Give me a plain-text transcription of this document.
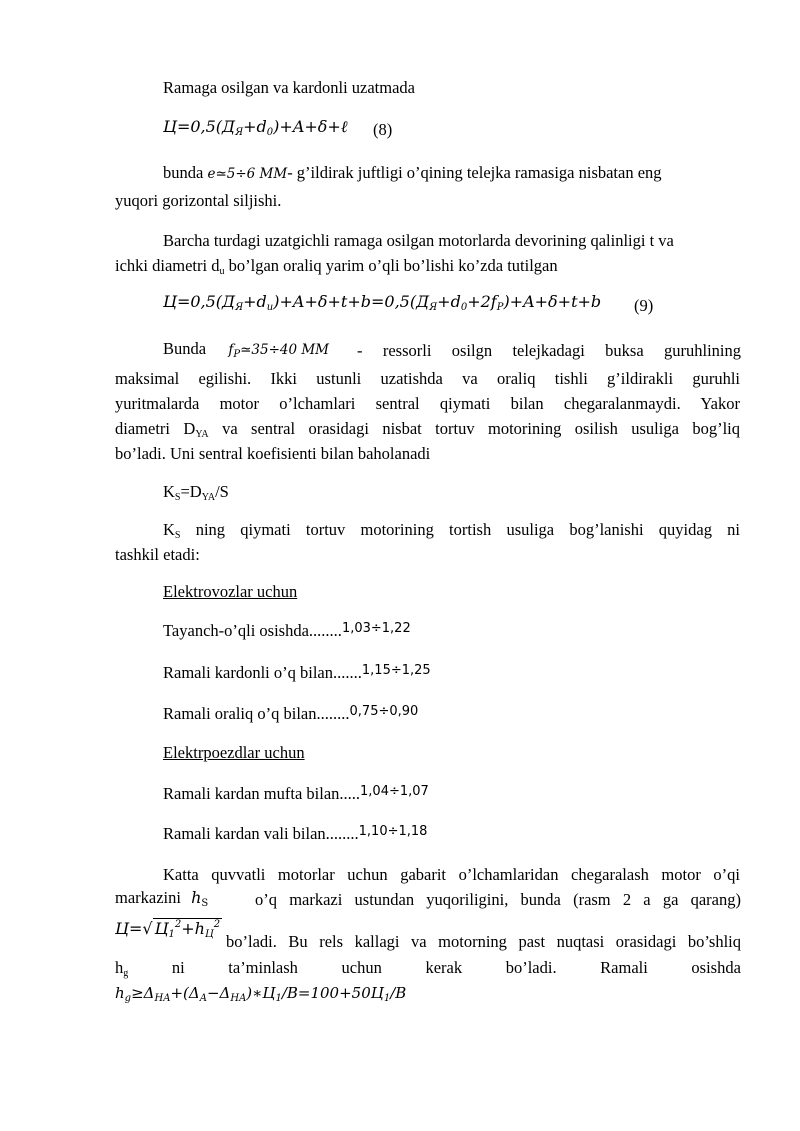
Ramaga osilgan va kardonli uzatmada
$Ц=0,5(Д_Я+d_0)+A+\delta+\ell$ (8)
bunda e≃5÷6 MM- g’ildirak juftligi o’qining telejka ramasiga nisbatan eng
yuqori gorizontal siljishi.
Barcha turdagi uzatgichli ramaga osilgan motorlarda devorining qalinligi t va
ichki diametri $d_u$ bo’lgan oraliq yarim o’qli bo’lishi ko’zda tutilgan
$Ц=0,5(Д_Я+d_u)+A+\delta+t+b=0,5(Д_Я+d_0+2f_P)+A+\delta+t+b$ (9)
Bunda $f_P≃35\div 40$ MM - ressorli osilgn telejkadagi buksa guruhlining
maksimal egilishi. Ikki ustunli uzatishda va oraliq tishli g’ildirakli guruhli
yuritmalarda motor o’lchamlari sentral qiymati bilan chegaralanmaydi. Yakor
diametri $D_{YA}$ va sentral orasidagi nisbat tortuv motorining osilish usuliga bog’liq
bo’ladi. Uni sentral koefisienti bilan baholanadi
$K_S=D_{YA}/S$
$K_S$ ning qiymati tortuv motorining tortish usuliga bog’lanishi quyidag ni
tashkil etadi:
Elektrovozlar uchun
Tayanch-o’qli osishda........$^{1,03\div 1,22}$
Ramali kardonli o’q bilan.......$^{1,15\div 1,25}$
Ramali oraliq o’q bilan........$^{0,75\div 0,90}$
Elektrpoezdlar uchun
Ramali kardan mufta bilan.....$^{1,04\div 1,07}$
Ramali kardan vali bilan........$^{1,10\div 1,18}$
Katta quvvatli motorlar uchun gabarit o’lchamlaridan chegaralash motor o’qi
markazini $h_S$	o’q markazi ustundan yuqoriligini, bunda (rasm 2 a ga qarang)
Ц=√ $Ц_1^2+h_Ц^2$
bo’ladi. Bu rels kallagi va motorning past nuqtasi orasidagi bo’shliq
$h_g$	ni	ta’minlash	uchun	kerak	bo’ladi.	Ramali	osishda
$h_g\ge\Delta_{HA}+(\Delta_A-\Delta_{HA})∗Ц_1/B=100+50Ц_1/B$
